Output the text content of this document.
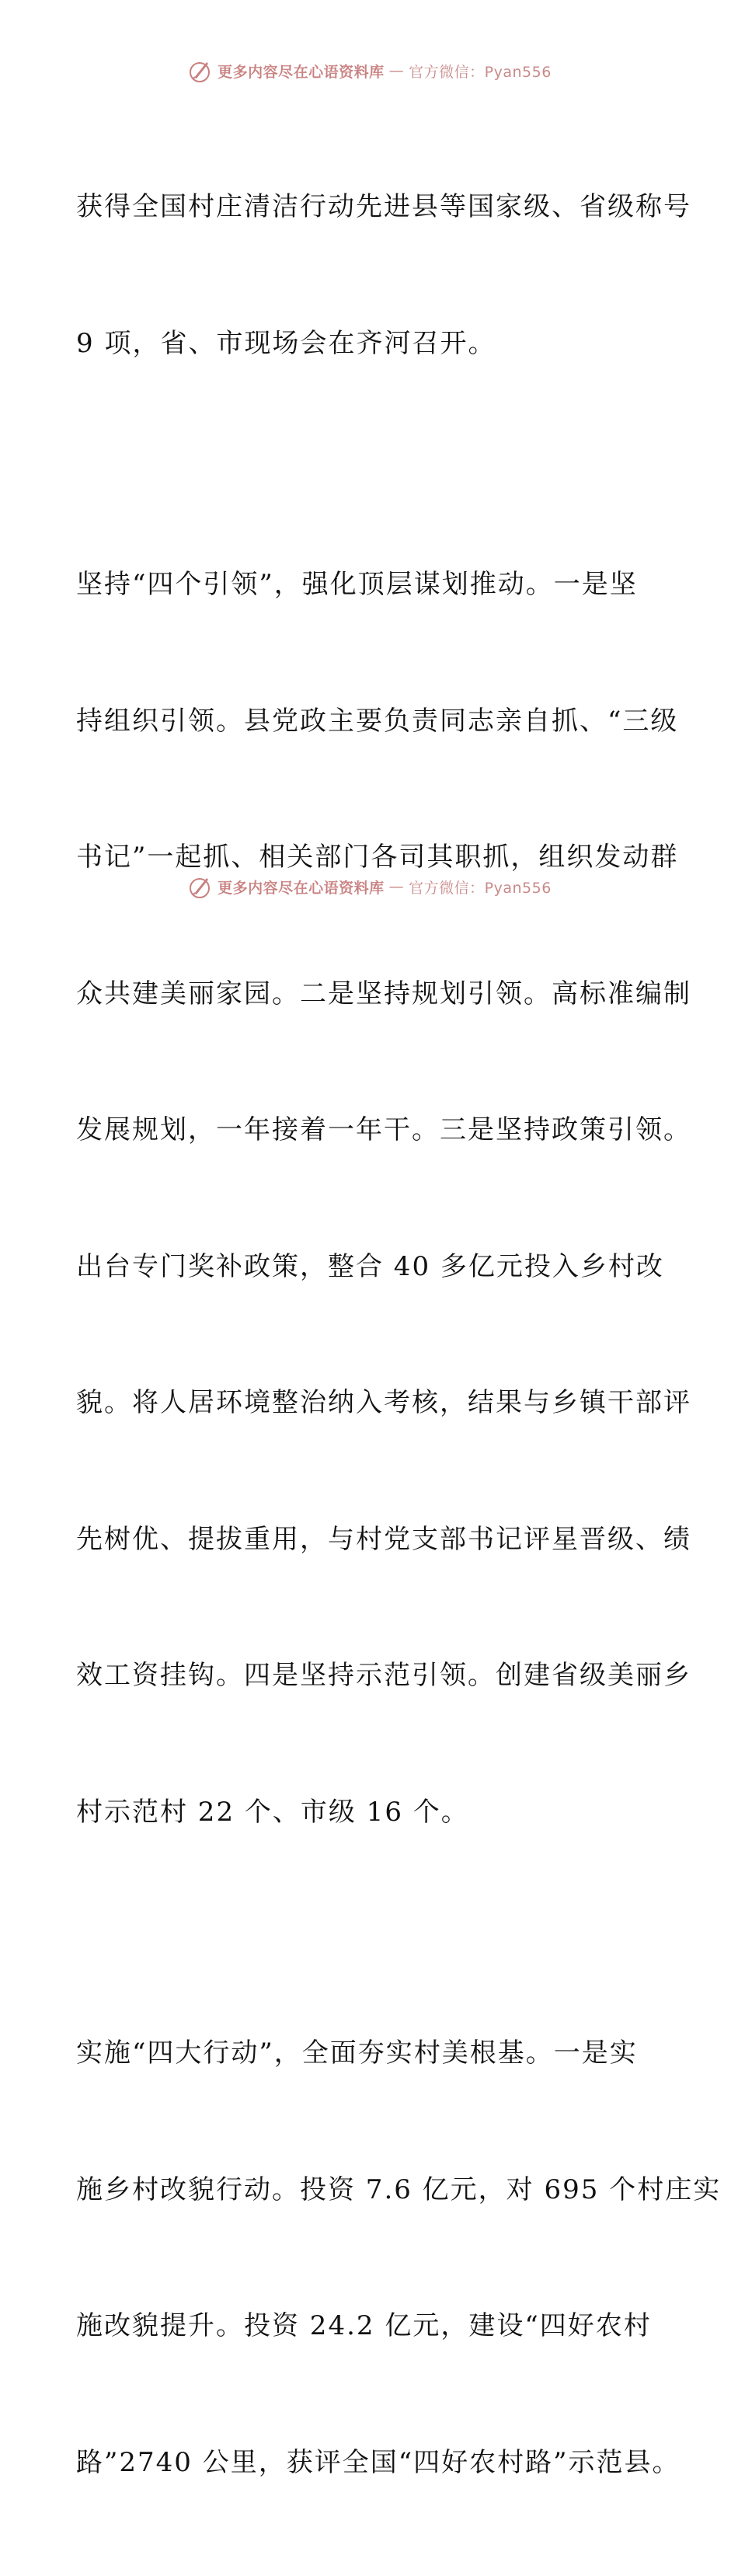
更多内容尽在心语资料库 — 官方微信：Pyan556

获得全国村庄清洁行动先进县等国家级、省级称号

9 项，省、市现场会在齐河召开。

坚持“四个引领”，强化顶层谋划推动。一是坚

持组织引领。县党政主要负责同志亲自抓、“三级

书记”一起抓、相关部门各司其职抓，组织发动群

众共建美丽家园。二是坚持规划引领。高标准编制

发展规划，一年接着一年干。三是坚持政策引领。

出台专门奖补政策，整合 40 多亿元投入乡村改

貌。将人居环境整治纳入考核，结果与乡镇干部评

先树优、提拔重用，与村党支部书记评星晋级、绩

效工资挂钩。四是坚持示范引领。创建省级美丽乡

村示范村 22 个、市级 16 个。

实施“四大行动”，全面夯实村美根基。一是实

施乡村改貌行动。投资 7.6 亿元，对 695 个村庄实

施改貌提升。投资 24.2 亿元，建设“四好农村

路”2740 公里，获评全国“四好农村路”示范县。

更多内容尽在心语资料库 — 官方微信：Pyan556
